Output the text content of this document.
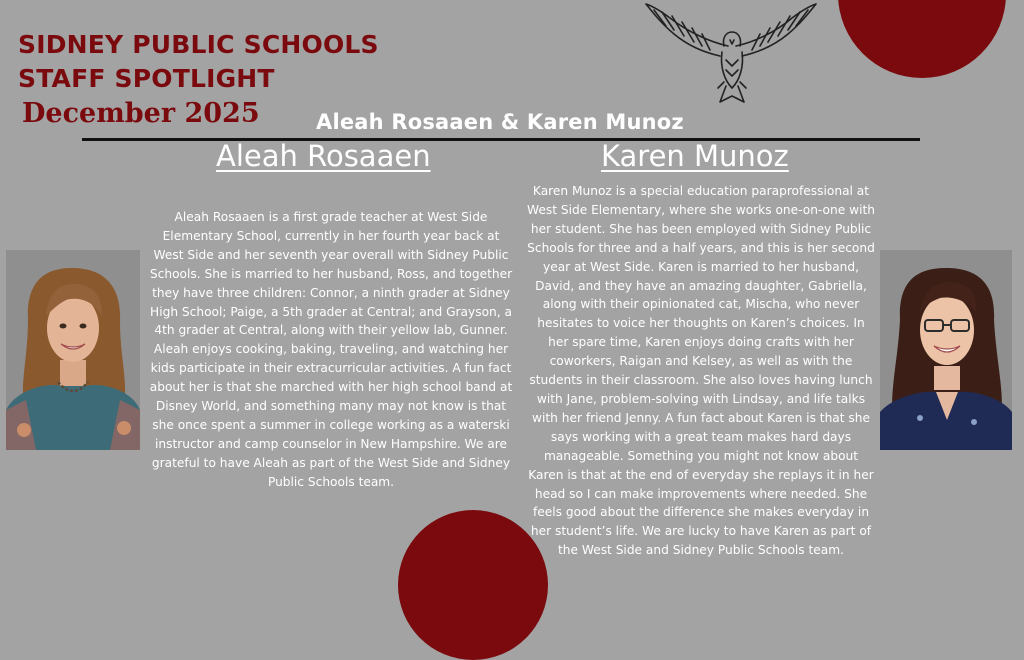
SIDNEY PUBLIC SCHOOLS
STAFF SPOTLIGHT
December 2025	Aleah Rosaaen & Karen Munoz
Aleah Rosaaen	Karen Munoz
Aleah Rosaaen is a first grade teacher at West Side Elementary School, currently in her fourth year back at West Side and her seventh year overall with Sidney Public Schools. She is married to her husband, Ross, and together they have three children: Connor, a ninth grader at Sidney High School; Paige, a 5th grader at Central; and Grayson, a 4th grader at Central, along with their yellow lab, Gunner. Aleah enjoys cooking, baking, traveling, and watching her kids participate in their extracurricular activities. A fun fact about her is that she marched with her high school band at Disney World, and something many may not know is that she once spent a summer in college working as a waterski instructor and camp counselor in New Hampshire. We are grateful to have Aleah as part of the West Side and Sidney Public Schools team.
Karen Munoz is a special education paraprofessional at West Side Elementary, where she works one-on-one with her student. She has been employed with Sidney Public Schools for three and a half years, and this is her second year at West Side. Karen is married to her husband, David, and they have an amazing daughter, Gabriella, along with their opinionated cat, Mischa, who never hesitates to voice her thoughts on Karen’s choices. In her spare time, Karen enjoys doing crafts with her coworkers, Raigan and Kelsey, as well as with the students in their classroom. She also loves having lunch with Jane, problem-solving with Lindsay, and life talks with her friend Jenny. A fun fact about Karen is that she says working with a great team makes hard days manageable. Something you might not know about Karen is that at the end of everyday she replays it in her head so I can make improvements where needed. She feels good about the difference she makes everyday in her student’s life. We are lucky to have Karen as part of the West Side and Sidney Public Schools team.
